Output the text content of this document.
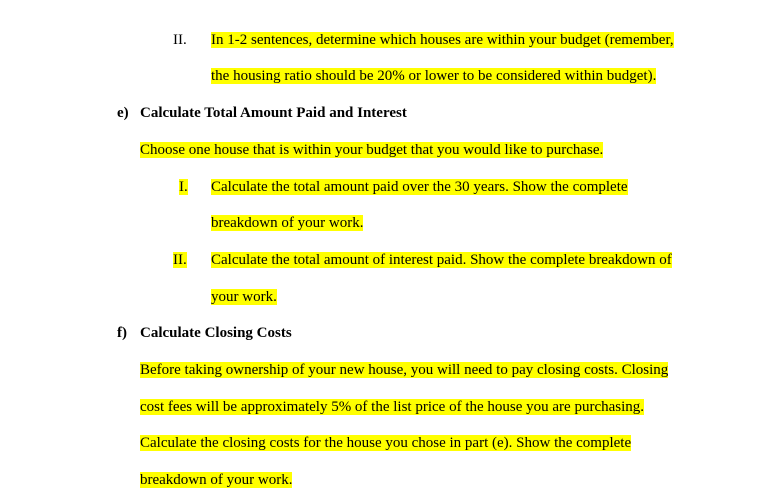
II. In 1-2 sentences, determine which houses are within your budget (remember,
the housing ratio should be 20% or lower to be considered within budget).
e) Calculate Total Amount Paid and Interest
Choose one house that is within your budget that you would like to purchase.
I. Calculate the total amount paid over the 30 years. Show the complete
breakdown of your work.
II. Calculate the total amount of interest paid. Show the complete breakdown of
your work.
f) Calculate Closing Costs
Before taking ownership of your new house, you will need to pay closing costs. Closing
cost fees will be approximately 5% of the list price of the house you are purchasing.
Calculate the closing costs for the house you chose in part (e). Show the complete
breakdown of your work.
